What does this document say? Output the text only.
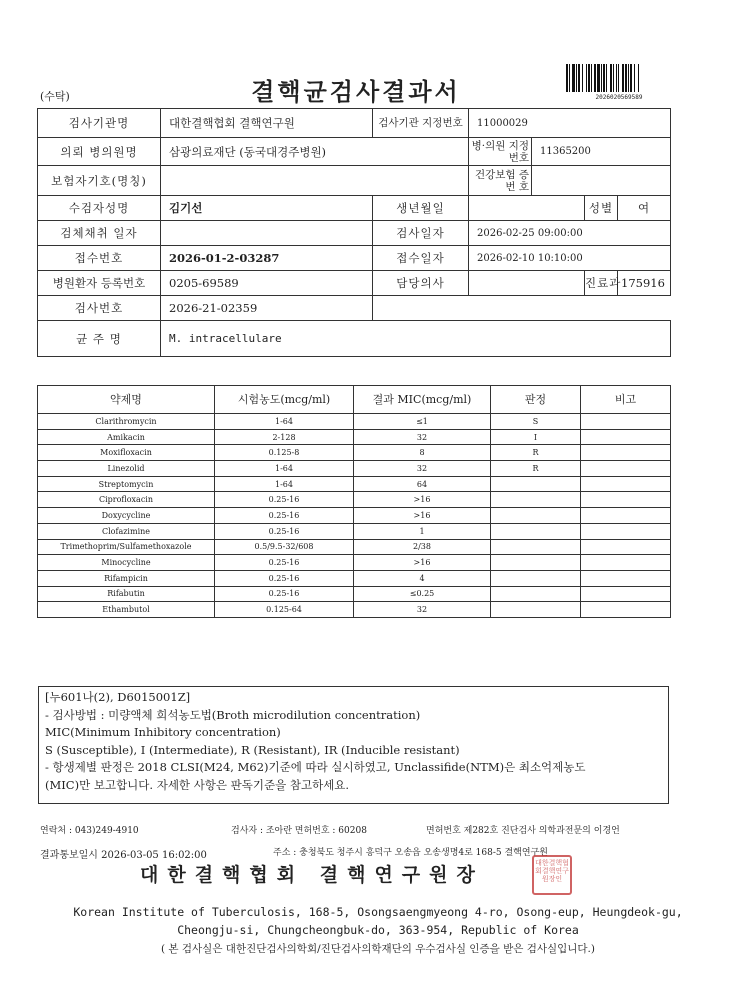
(수탁)	결핵균검사결과서	2026020569589
검사기관명	대한결핵협회 결핵연구원	검사기관 지정번호	11000029			
의뢰 병의원명	삼광의료재단 (동국대경주병원)		병·의원 지정번호	11365200		
보험자기호(명칭)			건강보험 증 번 호			
수검자성명	김기선	생년월일			성별	여
검체채취 일자		검사일자	2026-02-25 09:00:00			
접수번호	2026-01-2-03287	접수일자	2026-02-10 10:10:00			
병원환자 등록번호	0205-69589	담당의사			진료과	175916
검사번호	2026-21-02359					
균 주 명	M. intracellulare					
약제명	시험농도(mcg/ml)	결과 MIC(mcg/ml)	판정	비고
Clarithromycin	1-64	≤1	S	
Amikacin	2-128	32	I	
Moxifloxacin	0.125-8	8	R	
Linezolid	1-64	32	R	
Streptomycin	1-64	64		
Ciprofloxacin	0.25-16	>16		
Doxycycline	0.25-16	>16		
Clofazimine	0.25-16	1		
Trimethoprim/Sulfamethoxazole	0.5/9.5-32/608	2/38		
Minocycline	0.25-16	>16		
Rifampicin	0.25-16	4		
Rifabutin	0.25-16	≤0.25		
Ethambutol	0.125-64	32		
[누601나(2), D6015001Z]
- 검사방법 : 미량액체 희석농도법(Broth microdilution concentration)
MIC(Minimum Inhibitory concentration)
S (Susceptible), I (Intermediate), R (Resistant), IR (Inducible resistant)
- 항생제별 판정은 2018 CLSI(M24, M62)기준에 따라 실시하였고, Unclassifide(NTM)은 최소억제농도
(MIC)만 보고합니다. 자세한 사항은 판독기준을 참고하세요.
연락처 : 043)249-4910	검사자 : 조아란 면허번호 : 60208	면허번호 제282호 진단검사 의학과전문의 이경언
결과통보일시 2026-03-05 16:02:00	주소 : 충청북도 청주시 흥덕구 오송읍 오송생명4로 168-5 결핵연구원
대한결핵협회 결핵연구원장
대한결핵협회결핵연구원장인
Korean Institute of Tuberculosis, 168-5, Osongsaengmyeong 4-ro, Osong-eup, Heungdeok-gu,
Cheongju-si, Chungcheongbuk-do, 363-954, Republic of Korea
( 본 검사실은 대한진단검사의학회/진단검사의학재단의 우수검사실 인증을 받은 검사실입니다.)
